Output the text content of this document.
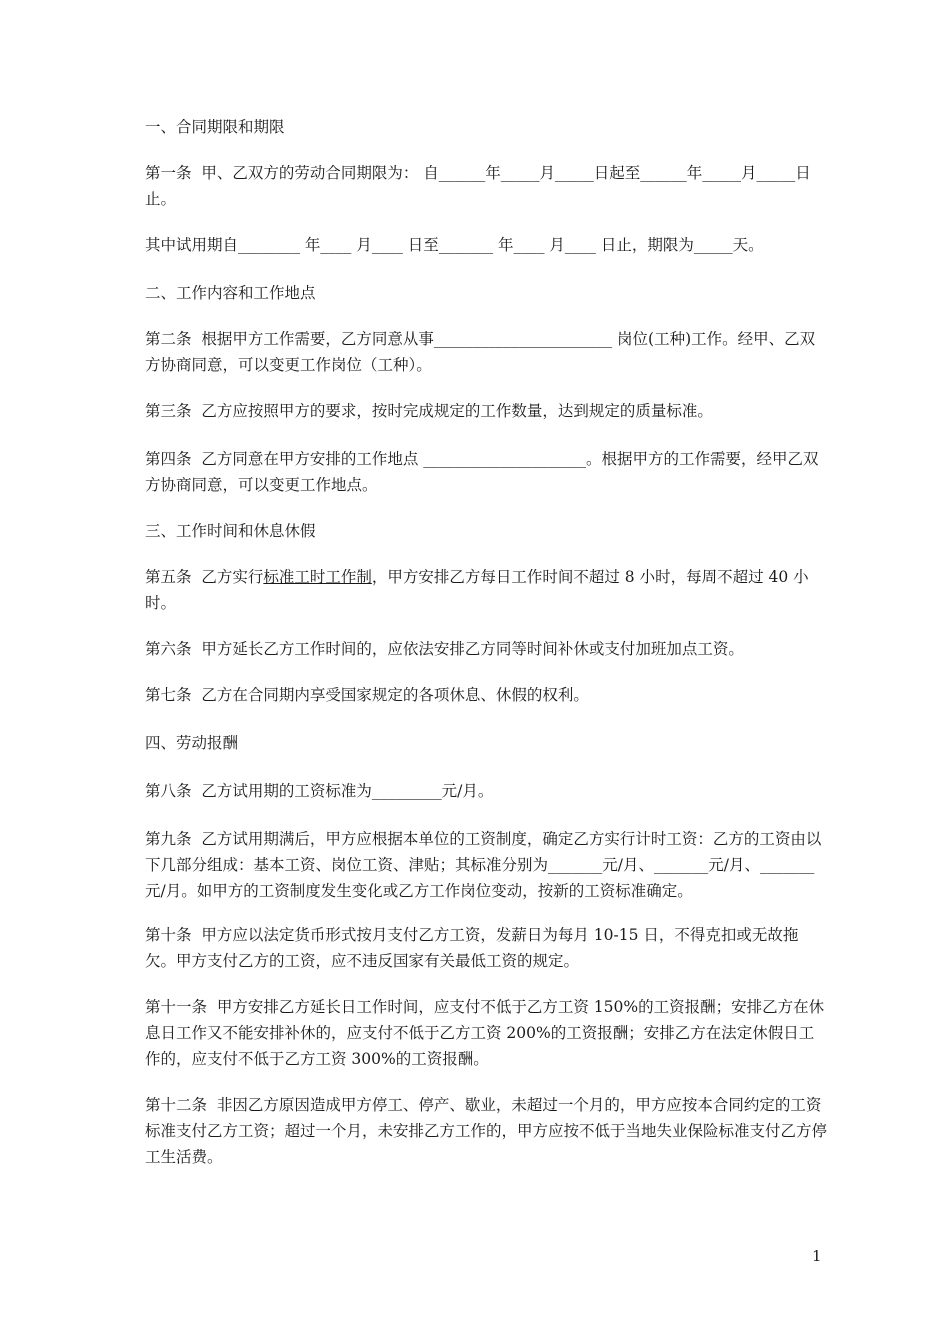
一、合同期限和期限

第一条  甲、乙双方的劳动合同期限为： 自______年_____月_____日起至______年_____月_____日止。

其中试用期自________ 年____ 月____ 日至_______ 年____ 月____ 日止，期限为_____天。

二、工作内容和工作地点

第二条  根据甲方工作需要，乙方同意从事_______________________ 岗位(工种)工作。经甲、乙双方协商同意，可以变更工作岗位（工种）。

第三条  乙方应按照甲方的要求，按时完成规定的工作数量，达到规定的质量标准。

第四条  乙方同意在甲方安排的工作地点 _____________________。根据甲方的工作需要，经甲乙双方协商同意，可以变更工作地点。

三、工作时间和休息休假

第五条  乙方实行标准工时工作制，甲方安排乙方每日工作时间不超过 8 小时，每周不超过 40 小时。

第六条  甲方延长乙方工作时间的，应依法安排乙方同等时间补休或支付加班加点工资。

第七条  乙方在合同期内享受国家规定的各项休息、休假的权利。

四、劳动报酬

第八条  乙方试用期的工资标准为_________元/月。

第九条  乙方试用期满后，甲方应根据本单位的工资制度，确定乙方实行计时工资：乙方的工资由以下几部分组成：基本工资、岗位工资、津贴；其标准分别为_______元/月、_______元/月、_______元/月。如甲方的工资制度发生变化或乙方工作岗位变动，按新的工资标准确定。

第十条  甲方应以法定货币形式按月支付乙方工资，发薪日为每月 10-15 日，不得克扣或无故拖欠。甲方支付乙方的工资，应不违反国家有关最低工资的规定。

第十一条  甲方安排乙方延长日工作时间，应支付不低于乙方工资 150%的工资报酬；安排乙方在休息日工作又不能安排补休的，应支付不低于乙方工资 200%的工资报酬；安排乙方在法定休假日工作的，应支付不低于乙方工资 300%的工资报酬。

第十二条  非因乙方原因造成甲方停工、停产、歇业，未超过一个月的，甲方应按本合同约定的工资标准支付乙方工资；超过一个月，未安排乙方工作的，甲方应按不低于当地失业保险标准支付乙方停工生活费。

1
